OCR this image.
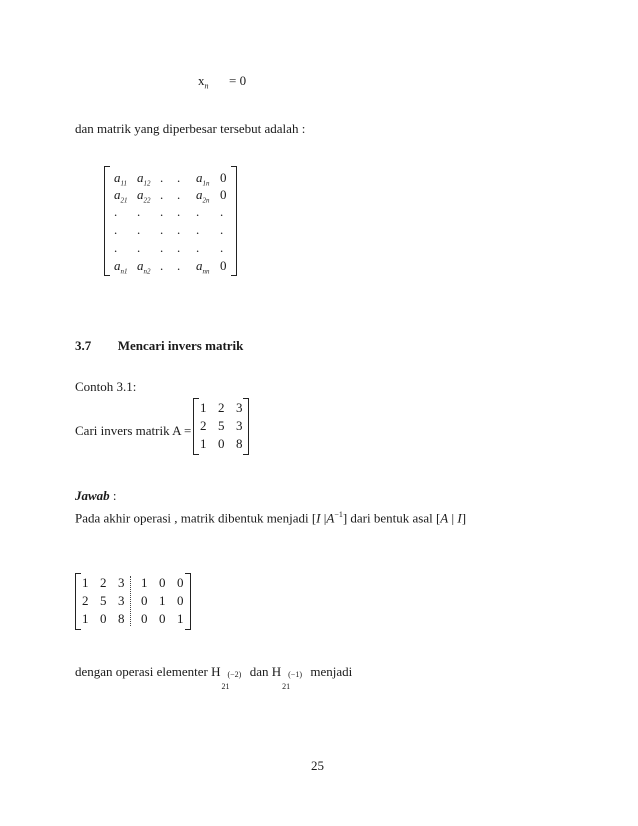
$x_n = 0$
dan matrik yang diperbesar tersebut adalah :
$a_{11}$ $a_{12}$ . . $a_{1n}$ 0
$a_{21}$ $a_{22}$ . . $a_{2n}$ 0
. . . . . .
. . . . . .
. . . . . .
$a_{n1}$ $a_{n2}$ . . $a_{nn}$ 0
3.7 Mencari invers matrik
Contoh 3.1:
Cari invers matrik A =
1 2 3
2 5 3
1 0 8
Jawab :
Pada akhir operasi , matrik dibentuk menjadi [I $|A^{-1}$] dari bentuk asal [A | I]
1 2 3
2 5 3
1 0 8
1 0 0
0 1 0
0 0 1
dengan operasi elementer H
21
(−2) dan H
21
(−1) menjadi
25
